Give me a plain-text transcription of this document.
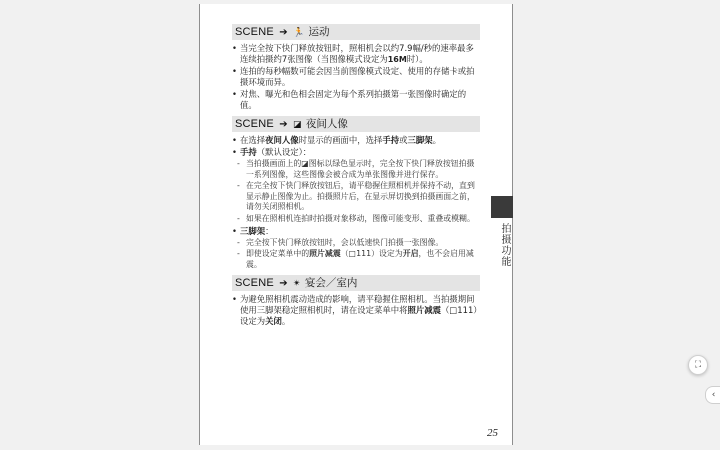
SCENE ➔ 🏃 运动
• 当完全按下快门释放按钮时，照相机会以约7.9幅/秒的速率最多连续拍摄约7张图像（当图像模式设定为16M时）。
• 连拍的每秒幅数可能会因当前图像模式设定、使用的存储卡或拍摄环境而异。
• 对焦、曝光和色相会固定为每个系列拍摄第一张图像时确定的值。
SCENE ➔ ◪ 夜间人像
• 在选择夜间人像时显示的画面中，选择手持或三脚架。
• 手持（默认设定）：
- 当拍摄画面上的◪图标以绿色显示时，完全按下快门释放按钮拍摄一系列图像，这些图像会被合成为单张图像并进行保存。
- 在完全按下快门释放按钮后，请平稳握住照相机并保持不动，直到显示静止图像为止。拍摄照片后，在显示屏切换到拍摄画面之前，请勿关闭照相机。
- 如果在照相机连拍时拍摄对象移动，图像可能变形、重叠或模糊。
• 三脚架：
- 完全按下快门释放按钮时，会以低速快门拍摄一张图像。
- 即使设定菜单中的照片减震（□111）设定为开启，也不会启用减震。
SCENE ➔ ✴ 宴会／室内
• 为避免照相机震动造成的影响，请平稳握住照相机。当拍摄期间使用三脚架稳定照相机时，请在设定菜单中将照片减震（□111）设定为关闭。
拍摄功能
25
⛶
‹
